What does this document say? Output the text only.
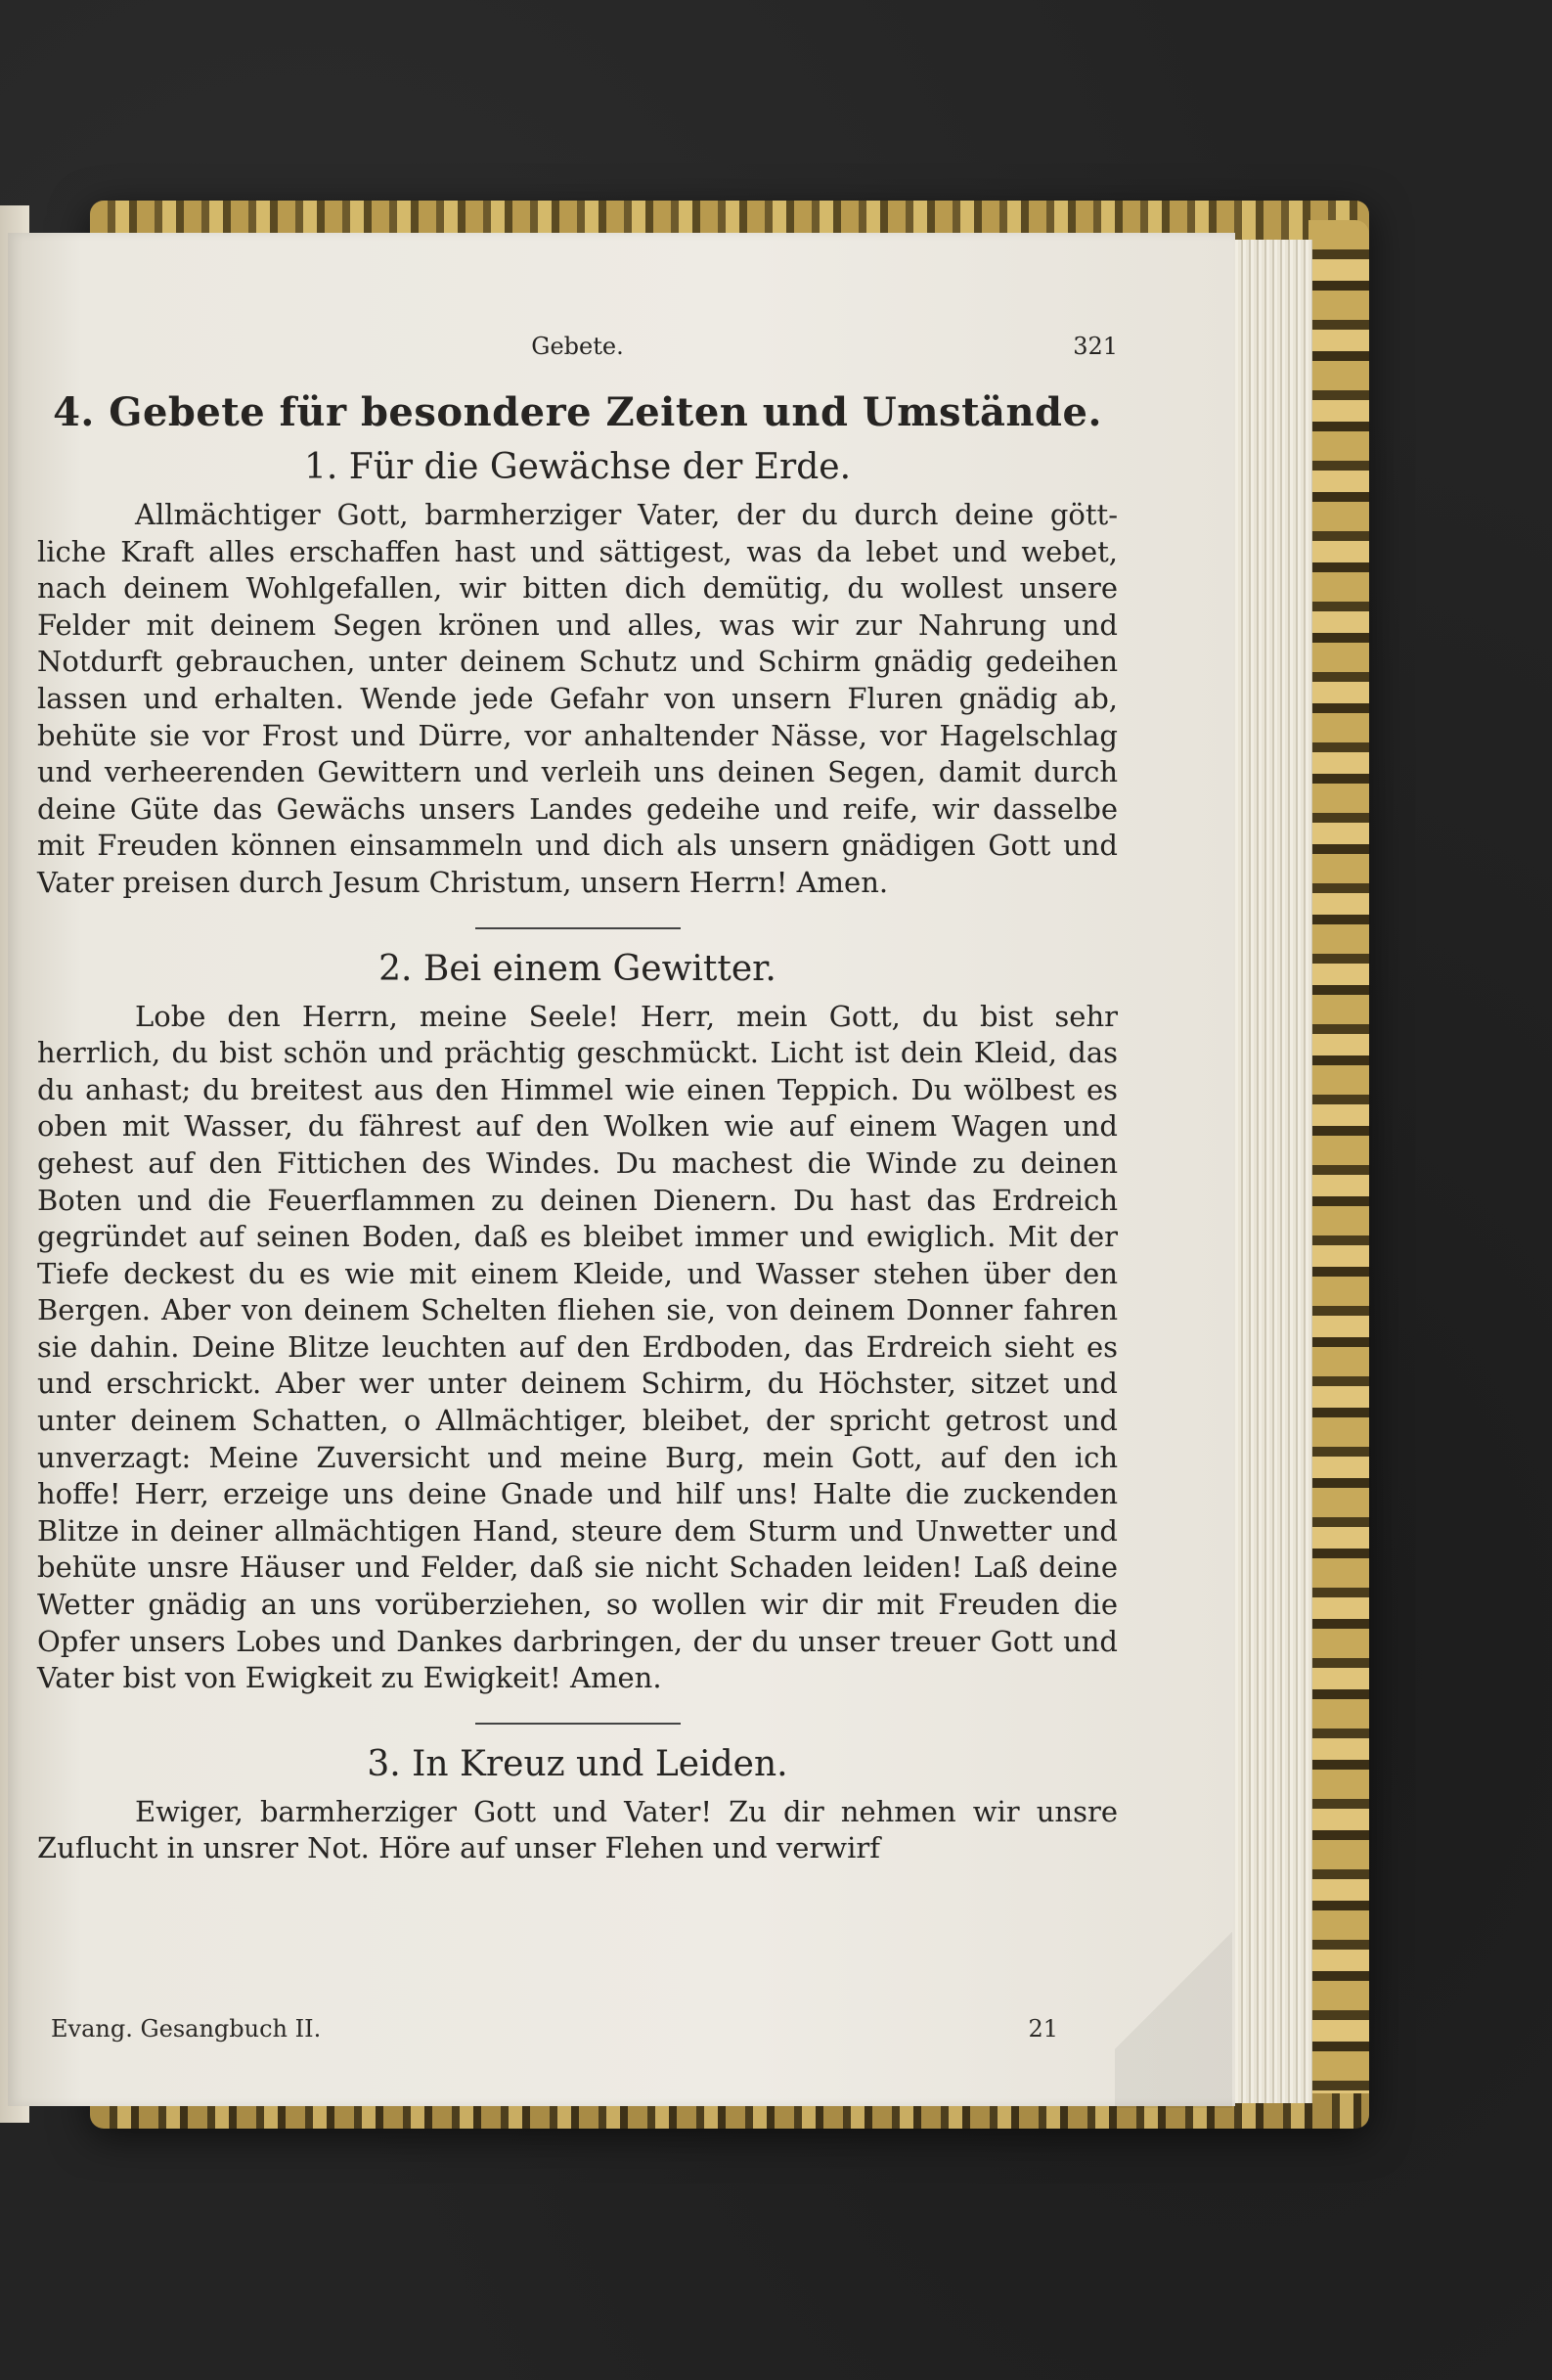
Gebete.	321
4. Gebete für besondere Zeiten und Umstände.
1. Für die Gewächse der Erde.

Allmächtiger Gott, barmherziger Vater, der du durch deine göttliche Kraft alles erschaffen hast und sättigest, was da lebet und webet, nach deinem Wohlgefallen, wir bitten dich demütig, du wollest unsere Felder mit deinem Segen krönen und alles, was wir zur Nahrung und Notdurft gebrauchen, unter deinem Schutz und Schirm gnädig gedeihen lassen und erhalten. Wende jede Gefahr von unsern Fluren gnädig ab, behüte sie vor Frost und Dürre, vor anhaltender Nässe, vor Hagelschlag und verheerenden Gewittern und verleih uns deinen Segen, damit durch deine Güte das Gewächs unsers Landes gedeihe und reife, wir dasselbe mit Freuden können einsammeln und dich als unsern gnädigen Gott und Vater preisen durch Jesum Christum, unsern Herrn! Amen.

2. Bei einem Gewitter.

Lobe den Herrn, meine Seele! Herr, mein Gott, du bist sehr herrlich, du bist schön und prächtig geschmückt. Licht ist dein Kleid, das du anhast; du breitest aus den Himmel wie einen Teppich. Du wölbest es oben mit Wasser, du fährest auf den Wolken wie auf einem Wagen und gehest auf den Fittichen des Windes. Du machest die Winde zu deinen Boten und die Feuerflammen zu deinen Dienern. Du hast das Erdreich gegründet auf seinen Boden, daß es bleibet immer und ewiglich. Mit der Tiefe deckest du es wie mit einem Kleide, und Wasser stehen über den Bergen. Aber von deinem Schelten fliehen sie, von deinem Donner fahren sie dahin. Deine Blitze leuchten auf den Erdboden, das Erdreich sieht es und erschrickt. Aber wer unter deinem Schirm, du Höchster, sitzet und unter deinem Schatten, o Allmächtiger, bleibet, der spricht getrost und unverzagt: Meine Zuversicht und meine Burg, mein Gott, auf den ich hoffe! Herr, erzeige uns deine Gnade und hilf uns! Halte die zuckenden Blitze in deiner allmächtigen Hand, steure dem Sturm und Unwetter und behüte unsre Häuser und Felder, daß sie nicht Schaden leiden! Laß deine Wetter gnädig an uns vorüberziehen, so wollen wir dir mit Freuden die Opfer unsers Lobes und Dankes darbringen, der du unser treuer Gott und Vater bist von Ewigkeit zu Ewigkeit! Amen.

3. In Kreuz und Leiden.

Ewiger, barmherziger Gott und Vater! Zu dir nehmen wir unsre Zuflucht in unsrer Not. Höre auf unser Flehen und verwirf

Evang. Gesangbuch II.	21
